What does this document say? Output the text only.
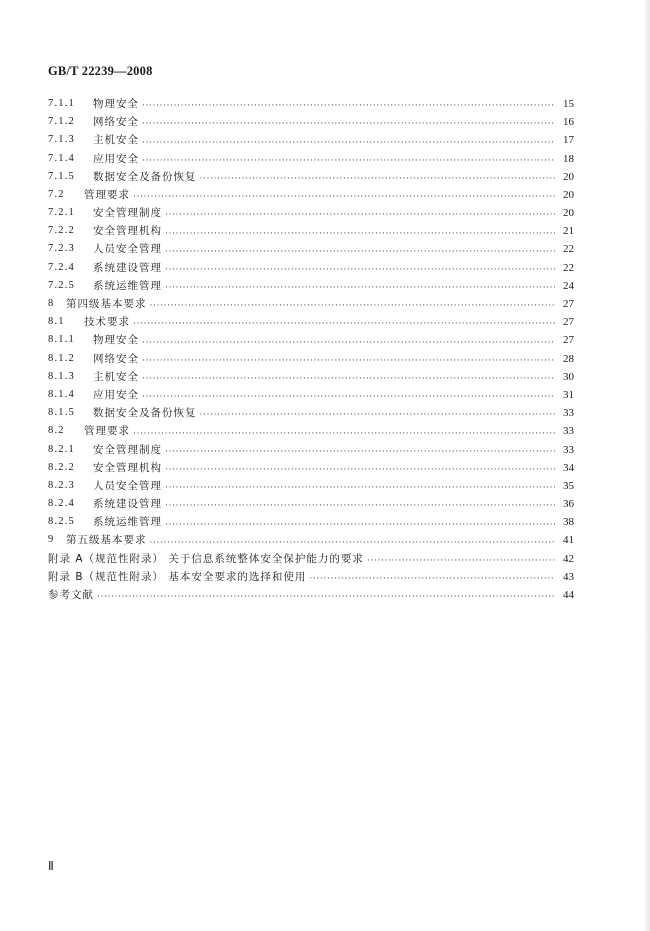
GB/T 22239—2008
7.1.1	物理安全 ·····	15
7.1.2	网络安全 ·····	16
7.1.3	主机安全 ·····	17
7.1.4	应用安全 ·····	18
7.1.5	数据安全及备份恢复 ·····	20
7.2	管理要求 ·····	20
7.2.1	安全管理制度 ·····	20
7.2.2	安全管理机构 ·····	21
7.2.3	人员安全管理 ·····	22
7.2.4	系统建设管理 ·····	22
7.2.5	系统运维管理 ·····	24
8	第四级基本要求 ·····	27
8.1	技术要求 ·····	27
8.1.1	物理安全 ·····	27
8.1.2	网络安全 ·····	28
8.1.3	主机安全 ·····	30
8.1.4	应用安全 ·····	31
8.1.5	数据安全及备份恢复 ·····	33
8.2	管理要求 ·····	33
8.2.1	安全管理制度 ·····	33
8.2.2	安全管理机构 ·····	34
8.2.3	人员安全管理 ·····	35
8.2.4	系统建设管理 ·····	36
8.2.5	系统运维管理 ·····	38
9	第五级基本要求 ·····	41
附录 A（规范性附录） 关于信息系统整体安全保护能力的要求 ·····	42
附录 B（规范性附录） 基本安全要求的选择和使用 ·····	43
参考文献 ·····	44
Ⅱ
